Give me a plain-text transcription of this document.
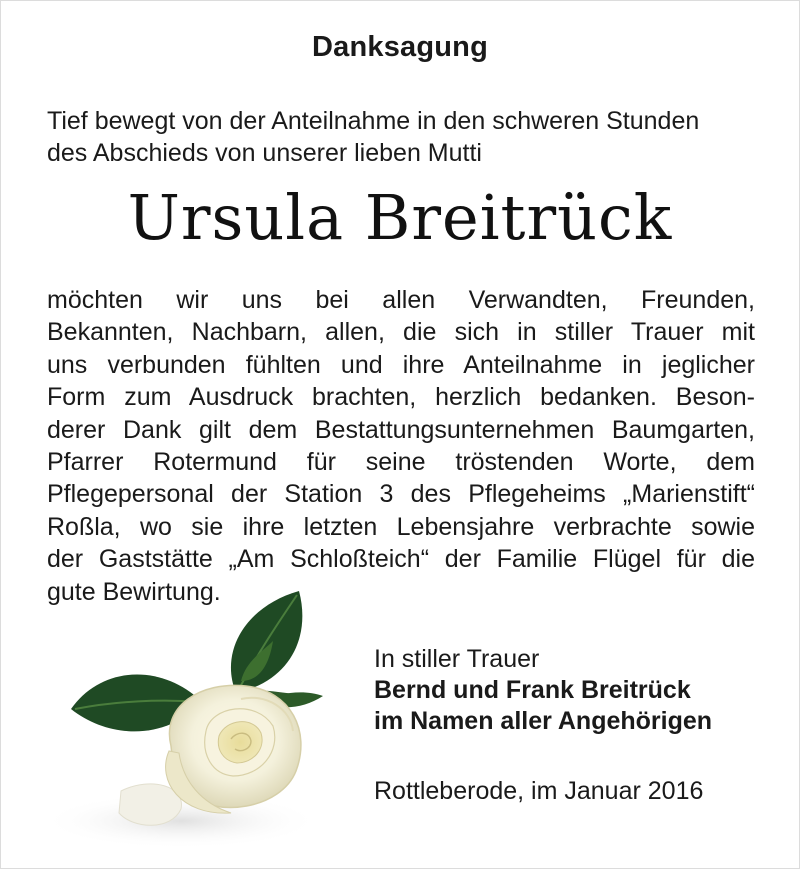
Danksagung
Tief bewegt von der Anteilnahme in den schweren Stunden
des Abschieds von unserer lieben Mutti
Ursula Breitrück
möchten wir uns bei allen Verwandten, Freunden,
Bekannten, Nachbarn, allen, die sich in stiller Trauer mit
uns verbunden fühlten und ihre Anteilnahme in jeglicher
Form zum Ausdruck brachten, herzlich bedanken. Beson-
derer Dank gilt dem Bestattungsunternehmen Baumgarten,
Pfarrer Rotermund für seine tröstenden Worte, dem
Pflegepersonal der Station 3 des Pflegeheims „Marienstift“
Roßla, wo sie ihre letzten Lebensjahre verbrachte sowie
der Gaststätte „Am Schloßteich“ der Familie Flügel für die
gute Bewirtung.
In stiller Trauer
Bernd und Frank Breitrück
im Namen aller Angehörigen
Rottleberode, im Januar 2016
